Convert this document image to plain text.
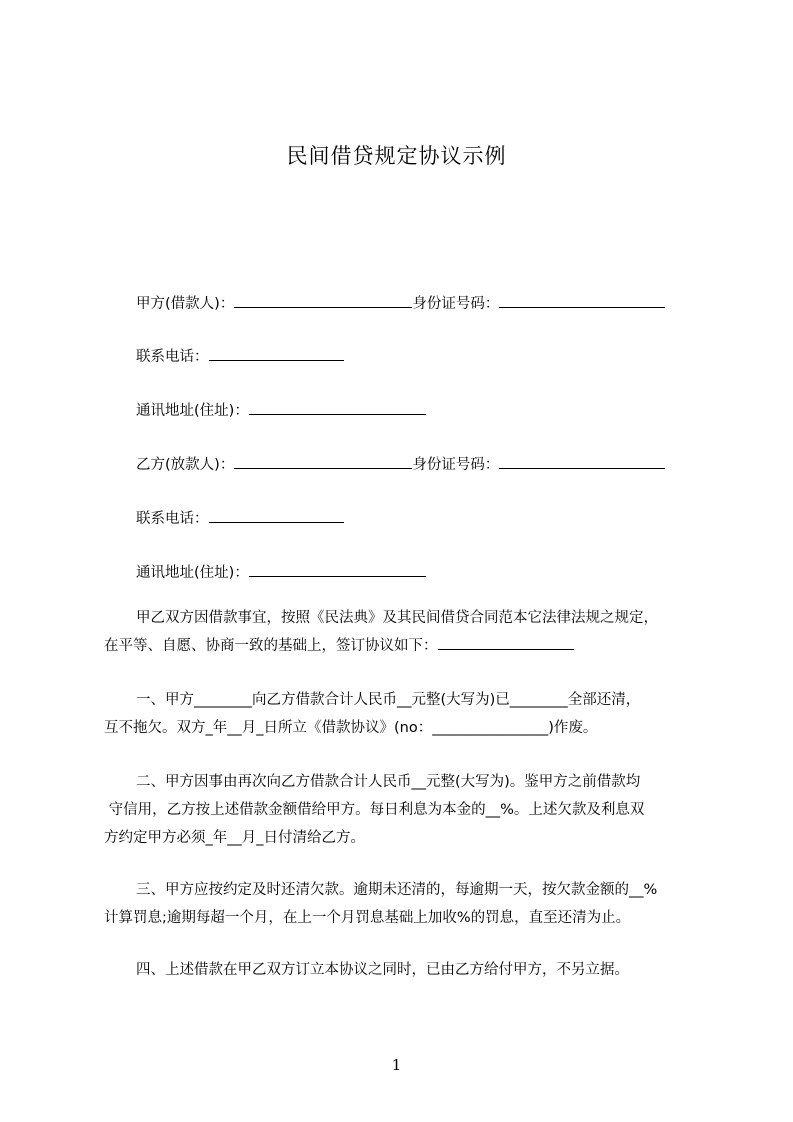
民间借贷规定协议示例
甲方(借款人)：	身份证号码：
联系电话：
通讯地址(住址)：
乙方(放款人)：	身份证号码：
联系电话：
通讯地址(住址)：
甲乙双方因借款事宜，按照《民法典》及其民间借贷合同范本它法律法规之规定，
在平等、自愿、协商一致的基础上，签订协议如下：
一、甲方________向乙方借款合计人民币__元整(大写为)已________全部还清，
互不拖欠。双方_年__月_日所立《借款协议》(no：________________)作废。
二、甲方因事由再次向乙方借款合计人民币__元整(大写为)。鉴甲方之前借款均
守信用，乙方按上述借款金额借给甲方。每日利息为本金的__%。上述欠款及利息双
方约定甲方必须_年__月_日付清给乙方。
三、甲方应按约定及时还清欠款。逾期未还清的，每逾期一天，按欠款金额的__%
计算罚息;逾期每超一个月，在上一个月罚息基础上加收%的罚息，直至还清为止。
四、上述借款在甲乙双方订立本协议之同时，已由乙方给付甲方，不另立据。
1
